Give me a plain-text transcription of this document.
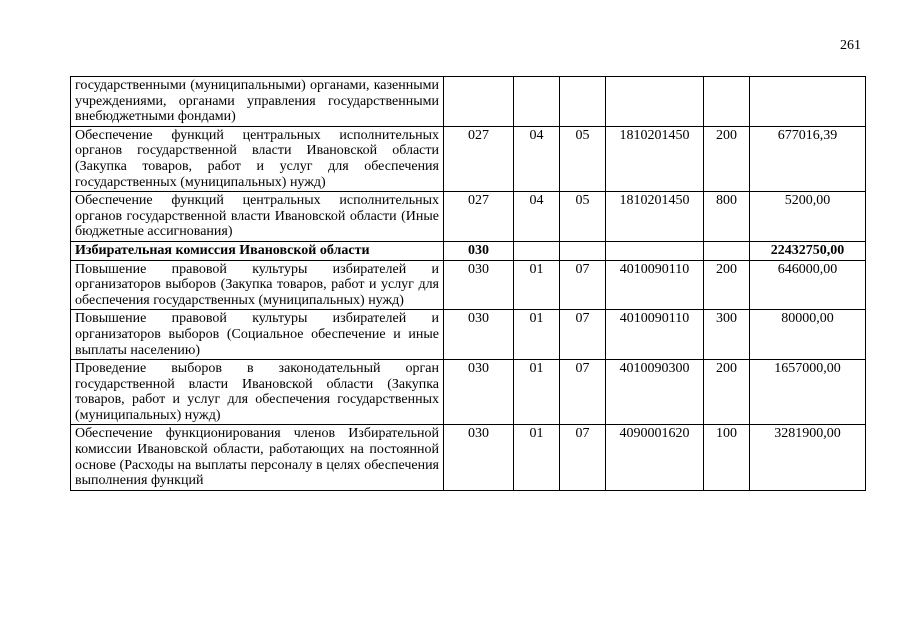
261
государственными (муниципальными) органами, казенными учреждениями, органами управления государственными внебюджетными фондами)						
Обеспечение функций центральных исполнительных органов государственной власти Ивановской области (Закупка товаров, работ и услуг для обеспечения государственных (муниципальных) нужд)	027	04	05	1810201450	200	677016,39
Обеспечение функций центральных исполнительных органов государственной власти Ивановской области (Иные бюджетные ассигнования)	027	04	05	1810201450	800	5200,00
Избирательная комиссия Ивановской области	030					22432750,00
Повышение правовой культуры избирателей и организаторов выборов (Закупка товаров, работ и услуг для обеспечения государственных (муниципальных) нужд)	030	01	07	4010090110	200	646000,00
Повышение правовой культуры избирателей и организаторов выборов (Социальное обеспечение и иные выплаты населению)	030	01	07	4010090110	300	80000,00
Проведение выборов в законодательный орган государственной власти Ивановской области (Закупка товаров, работ и услуг для обеспечения государственных (муниципальных) нужд)	030	01	07	4010090300	200	1657000,00
Обеспечение функционирования членов Избирательной комиссии Ивановской области, работающих на постоянной основе (Расходы на выплаты персоналу в целях обеспечения выполнения функций	030	01	07	4090001620	100	3281900,00
